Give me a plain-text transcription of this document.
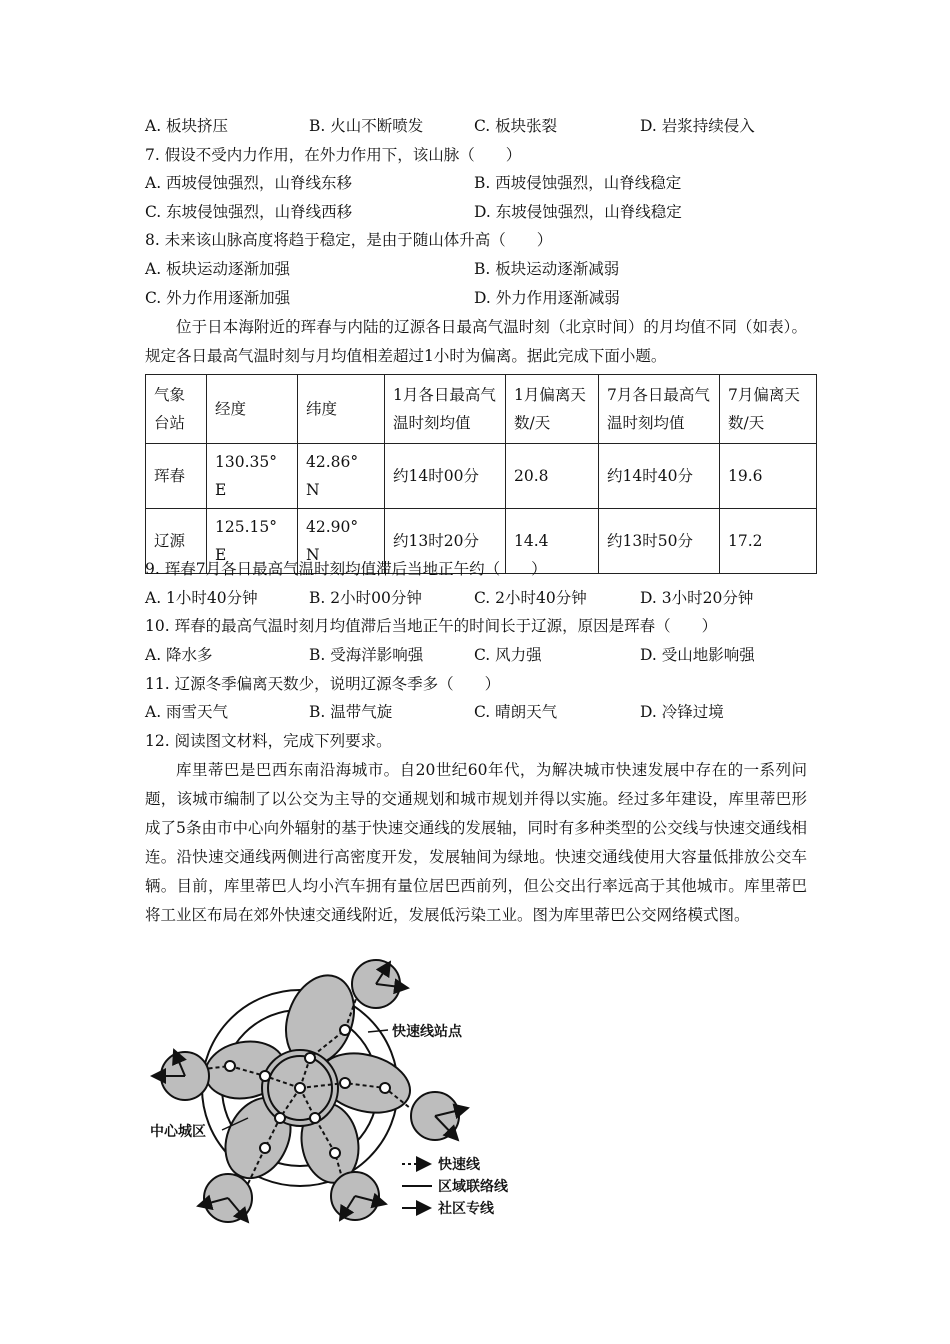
A. 板块挤压	B. 火山不断喷发	C. 板块张裂	D. 岩浆持续侵入
7. 假设不受内力作用，在外力作用下，该山脉（　　）
A. 西坡侵蚀强烈，山脊线东移	B. 西坡侵蚀强烈，山脊线稳定
C. 东坡侵蚀强烈，山脊线西移	D. 东坡侵蚀强烈，山脊线稳定
8. 未来该山脉高度将趋于稳定，是由于随山体升高（　　）
A. 板块运动逐渐加强	B. 板块运动逐渐减弱
C. 外力作用逐渐加强	D. 外力作用逐渐减弱
位于日本海附近的珲春与内陆的辽源各日最高气温时刻（北京时间）的月均值不同（如表）。规定各日最高气温时刻与月均值相差超过1小时为偏离。据此完成下面小题。
气象台站	经度	纬度	1月各日最高气温时刻均值	1月偏离天数/天	7月各日最高气温时刻均值	7月偏离天数/天
珲春	130.35° E	42.86° N	约14时00分	20.8	约14时40分	19.6
辽源	125.15° E	42.90° N	约13时20分	14.4	约13时50分	17.2
9. 珲春7月各日最高气温时刻均值滞后当地正午约（　　）
A. 1小时40分钟	B. 2小时00分钟	C. 2小时40分钟	D. 3小时20分钟
10. 珲春的最高气温时刻月均值滞后当地正午的时间长于辽源，原因是珲春（　　）
A. 降水多	B. 受海洋影响强	C. 风力强	D. 受山地影响强
11. 辽源冬季偏离天数少，说明辽源冬季多（　　）
A. 雨雪天气	B. 温带气旋	C. 晴朗天气	D. 冷锋过境
12. 阅读图文材料，完成下列要求。
库里蒂巴是巴西东南沿海城市。自20世纪60年代，为解决城市快速发展中存在的一系列问题，该城市编制了以公交为主导的交通规划和城市规划并得以实施。经过多年建设，库里蒂巴形成了5条由市中心向外辐射的基于快速交通线的发展轴，同时有多种类型的公交线与快速交通线相连。沿快速交通线两侧进行高密度开发，发展轴间为绿地。快速交通线使用大容量低排放公交车辆。目前，库里蒂巴人均小汽车拥有量位居巴西前列，但公交出行率远高于其他城市。库里蒂巴将工业区布局在郊外快速交通线附近，发展低污染工业。图为库里蒂巴公交网络模式图。
快速线站点
中心城区
快速线
区域联络线
社区专线
